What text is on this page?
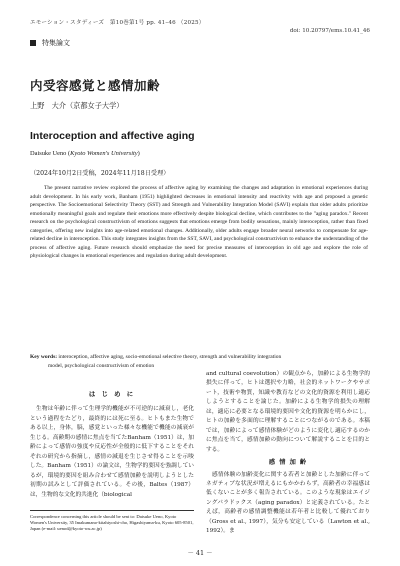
エモーション・スタディーズ　第10巻第1号 pp. 41–46 （2025）
doi: 10.20797/ems.10.41_46
特集論文
内受容感覚と感情加齢
上野　大介（京都女子大学）
Interoception and affective aging
Daisuke Ueno (Kyoto Women's University)
（2024年10月2日受稿，2024年11月18日受理）
The present narrative review explored the process of affective aging by examining the changes and adaptation in emotional experiences during adult development. In his early work, Banham (1951) highlighted decreases in emotional intensity and reactivity with age and proposed a genetic perspective. The Socioemotional Selectivity Theory (SST) and Strength and Vulnerability Integration Model (SAVI) explain that older adults prioritize emotionally meaningful goals and regulate their emotions more effectively despite biological decline, which contributes to the "aging paradox." Recent research on the psychological constructivism of emotions suggests that emotions emerge from bodily sensations, mainly interoception, rather than fixed categories, offering new insights into age-related emotional changes. Additionally, older adults engage broader neural networks to compensate for age-related decline in interoception. This study integrates insights from the SST, SAVI, and psychological constructivism to enhance the understanding of the process of affective aging. Future research should emphasize the need for precise measures of interoception in old age and explore the role of physiological changes in emotional experiences and regulation during adult development.
Key words: interoception, affective aging, socio-emotional selective theory, strength and vulnerability integration
model, psychological constructivism of emotion
は じ め に

生物は年齢に伴って生理学的機能が不可逆的に減衰し，老化という過程をたどり，最終的には死に至る。ヒトもまた生物である以上，身体，脳，感覚といった様々な機能で機能の減衰が生じる。高齢期の感情に焦点を当てたBanham（1951）は，加齢によって感情の強度や反応性が全般的に低下することをそれぞれの研究から指摘し，感情の減退を生じさせ得ることを示唆した。Banham（1951）の論文は，生物学的要因を強調しているが，環境的要因を組み合わせて感情加齢を説明しようとした初期の試みとして評価されている。その後，Baltes（1987）は，生物的な文化的共進化（biological

and cultural coevolution）の観点から，加齢による生物学的損失に伴って，ヒトは選択や力略，社会的ネットワークやサポート，技術や物質，知識や教育などの文化的資源を利用し適応しようとすることを論じた。加齢による生物学的損失の理解は，適応に必要となる環境的要因や文化的資源を明らかにし，ヒトの加齢を多面的に理解することにつながるのである。本稿では，加齢によって感情体験がどのように変化し適応するのかに焦点を当て，感情加齢の動向について解説することを目的とする。

感 情 加 齢

感情体験の加齢変化に関する若者と加齢とした加齢に伴ってネガティブな状況が増えるにもかかわらず，高齢者の幸福感は低くないことが多く報告されている。このような現象はエイジングパラドックス（aging paradox）と定義されている。たとえば，高齢者の感情調整機能は若年者と比較して優れており（Gross et al., 1997），気分も安定している（Lawton et al., 1992）。ま

Correspondence concerning this article should be sent to: Daisuke Ueno, Kyoto Women's University, 35 Imakumano-kitahiyoshi-cho, Higashiyama-ku, Kyoto 605-8501, Japan (e-mail: uenod@kyoto-wu.ac.jp)
－ 41 －
